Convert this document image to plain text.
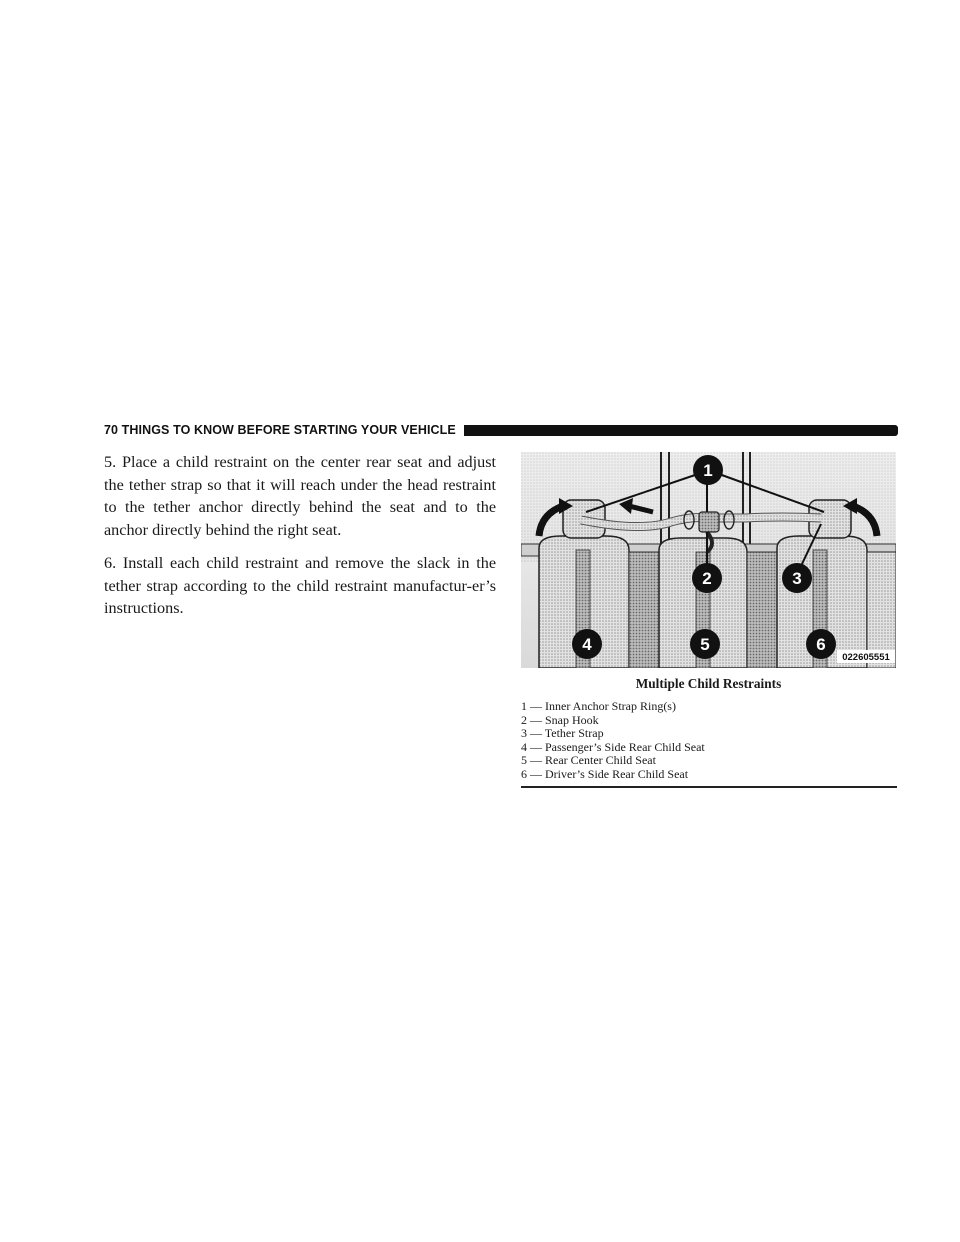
70 THINGS TO KNOW BEFORE STARTING YOUR VEHICLE

5. Place a child restraint on the center rear seat and adjust the tether strap so that it will reach under the head restraint to the tether anchor directly behind the seat and to the anchor directly behind the right seat.

6. Install each child restraint and remove the slack in the tether strap according to the child restraint manufactur-er’s instructions.

1
2	3
4	5	6
022605551
Multiple Child Restraints
1 — Inner Anchor Strap Ring(s)
2 — Snap Hook
3 — Tether Strap
4 — Passenger’s Side Rear Child Seat
5 — Rear Center Child Seat
6 — Driver’s Side Rear Child Seat
